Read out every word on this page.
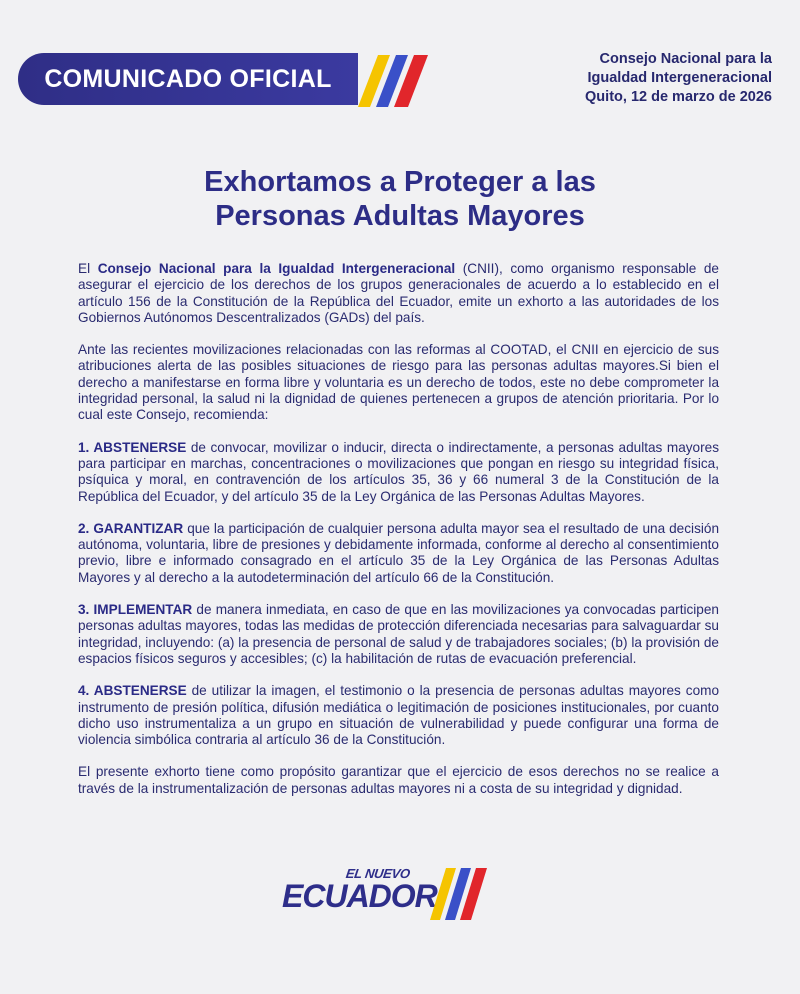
COMUNICADO OFICIAL
Consejo Nacional para la
Igualdad Intergeneracional
Quito, 12 de marzo de 2026
Exhortamos a Proteger a las
Personas Adultas Mayores

El Consejo Nacional para la Igualdad Intergeneracional (CNII), como organismo responsable de asegurar el ejercicio de los derechos de los grupos generacionales de acuerdo a lo establecido en el artículo 156 de la Constitución de la República del Ecuador, emite un exhorto a las autoridades de los Gobiernos Autónomos Descentralizados (GADs) del país.

Ante las recientes movilizaciones relacionadas con las reformas al COOTAD, el CNII en ejercicio de sus atribuciones alerta de las posibles situaciones de riesgo para las personas adultas mayores.Si bien el derecho a manifestarse en forma libre y voluntaria es un derecho de todos, este no debe comprometer la integridad personal, la salud ni la dignidad de quienes pertenecen a grupos de atención prioritaria. Por lo cual este Consejo, recomienda:

1. ABSTENERSE de convocar, movilizar o inducir, directa o indirectamente, a personas adultas mayores para participar en marchas, concentraciones o movilizaciones que pongan en riesgo su integridad física, psíquica y moral, en contravención de los artículos 35, 36 y 66 numeral 3 de la Constitución de la República del Ecuador, y del artículo 35 de la Ley Orgánica de las Personas Adultas Mayores.

2. GARANTIZAR que la participación de cualquier persona adulta mayor sea el resultado de una decisión autónoma, voluntaria, libre de presiones y debidamente informada, conforme al derecho al consentimiento previo, libre e informado consagrado en el artículo 35 de la Ley Orgánica de las Personas Adultas Mayores y al derecho a la autodeterminación del artículo 66 de la Constitución.

3. IMPLEMENTAR de manera inmediata, en caso de que en las movilizaciones ya convocadas participen personas adultas mayores, todas las medidas de protección diferenciada necesarias para salvaguardar su integridad, incluyendo: (a) la presencia de personal de salud y de trabajadores sociales; (b) la provisión de espacios físicos seguros y accesibles; (c) la habilitación de rutas de evacuación preferencial.

4. ABSTENERSE de utilizar la imagen, el testimonio o la presencia de personas adultas mayores como instrumento de presión política, difusión mediática o legitimación de posiciones institucionales, por cuanto dicho uso instrumentaliza a un grupo en situación de vulnerabilidad y puede configurar una forma de violencia simbólica contraria al artículo 36 de la Constitución.

El presente exhorto tiene como propósito garantizar que el ejercicio de esos derechos no se realice a través de la instrumentalización de personas adultas mayores ni a costa de su integridad y dignidad.

EL NUEVO
ECUADOR
